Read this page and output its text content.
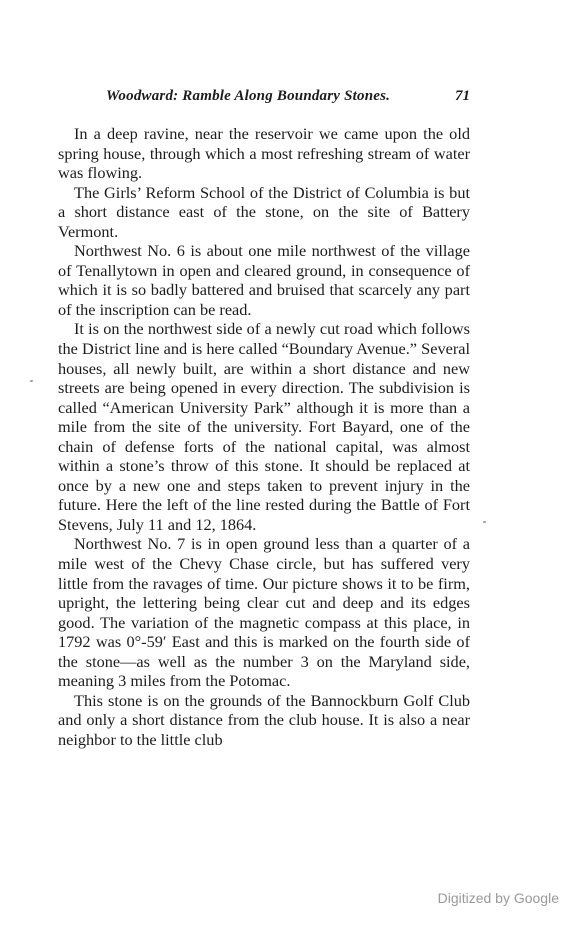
Woodward: Ramble Along Boundary Stones.	71

In a deep ravine, near the reservoir we came upon the old spring house, through which a most refreshing stream of water was flowing.

The Girls’ Reform School of the District of Columbia is but a short distance east of the stone, on the site of Battery Vermont.

Northwest No. 6 is about one mile northwest of the village of Tenallytown in open and cleared ground, in consequence of which it is so badly battered and bruised that scarcely any part of the inscription can be read.

It is on the northwest side of a newly cut road which follows the District line and is here called “Boundary Avenue.” Several houses, all newly built, are within a short distance and new streets are being opened in every direction. The subdivision is called “American University Park” although it is more than a mile from the site of the university. Fort Bayard, one of the chain of defense forts of the national capital, was almost within a stone’s throw of this stone. It should be replaced at once by a new one and steps taken to prevent injury in the future. Here the left of the line rested during the Battle of Fort Stevens, July 11 and 12, 1864.

Northwest No. 7 is in open ground less than a quarter of a mile west of the Chevy Chase circle, but has suffered very little from the ravages of time. Our picture shows it to be firm, upright, the lettering being clear cut and deep and its edges good. The variation of the magnetic compass at this place, in 1792 was 0°-59′ East and this is marked on the fourth side of the stone—as well as the number 3 on the Maryland side, meaning 3 miles from the Potomac.

This stone is on the grounds of the Bannockburn Golf Club and only a short distance from the club house. It is also a near neighbor to the little club

Digitized by Google
